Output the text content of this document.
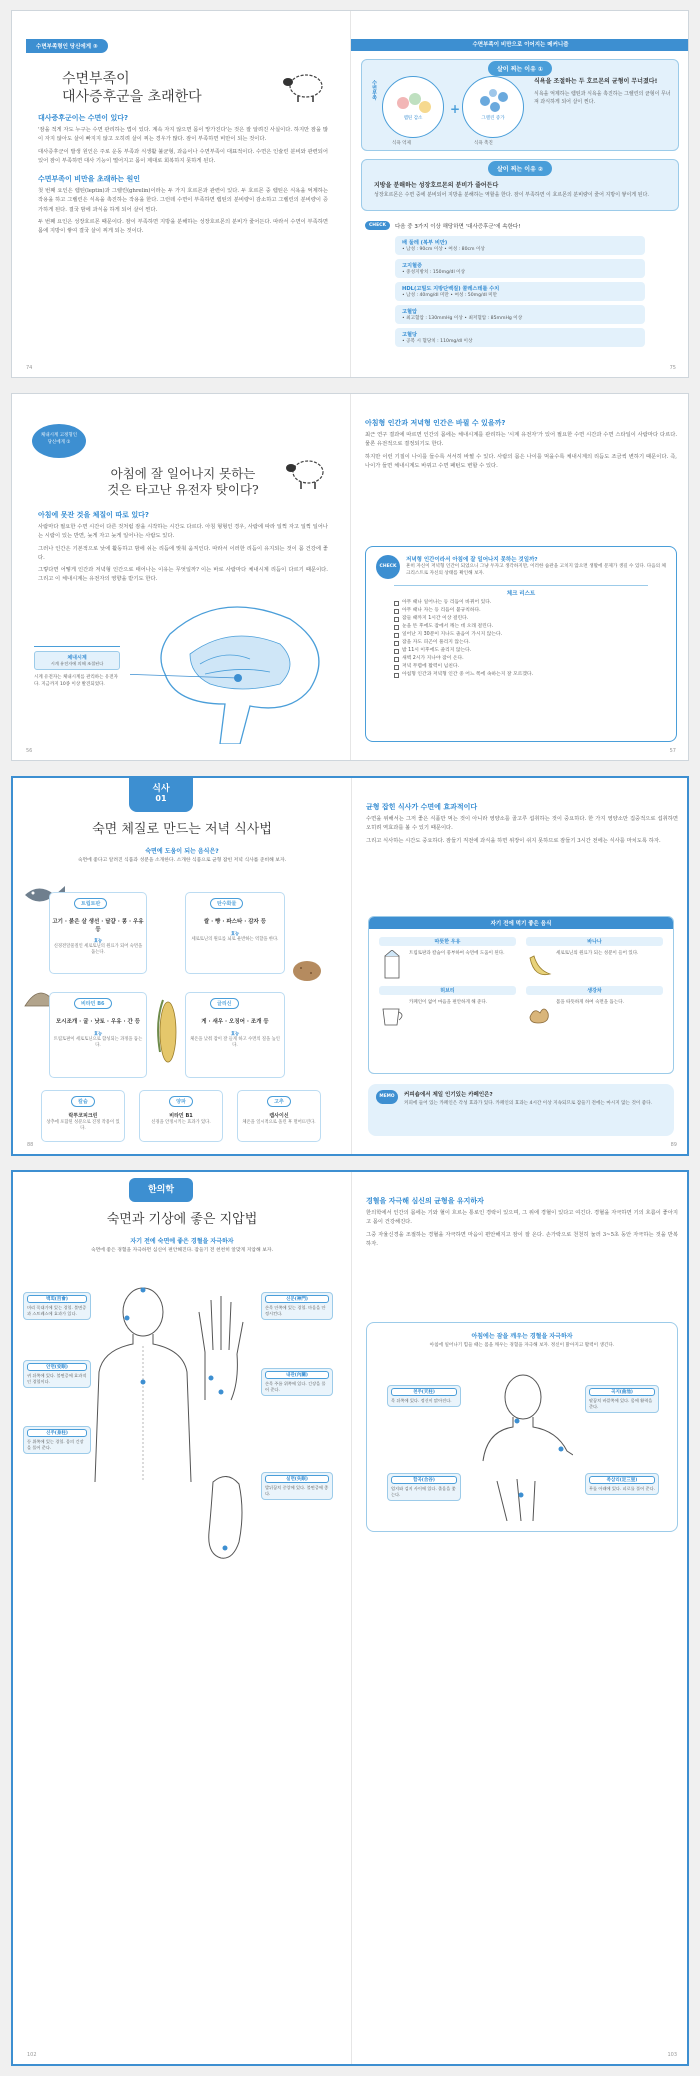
수면부족형인 당신에게 ③
수면부족이
대사증후군을 초래한다
대사증후군이는 수면이 있다?
'잠을 적게 자도 누구는 수면 관리하는 법이 있다. 계속 자지 않으면 몸이 망가진다'는 것은 잘 알려진 사실이다. 하지만 잠을 많이 자지 않아도 살이 빠지지 않고 오히려 살이 찌는 경우가 많다. 잠이 부족하면 비만이 되는 것이다.
대사증후군이 발생 원인은 주로 운동 부족과 식생활 불균형, 과음이나 수면부족이 대표적이다. 수면은 인슐린 분비와 관련되어 있어 잠이 부족하면 대사 기능이 떨어지고 몸이 제대로 회복하지 못하게 된다.
수면부족이 비만을 초래하는 원인
첫 번째 요인은 렙틴(leptin)과 그렐린(ghrelin)이라는 두 가지 호르몬과 관련이 있다. 두 호르몬 중 렙틴은 식욕을 억제하는 작용을 하고 그렐린은 식욕을 촉진하는 작용을 한다. 그런데 수면이 부족하면 렙틴의 분비량이 감소하고 그렐린의 분비량이 증가하게 된다. 결국 밤에 과식을 하게 되어 살이 찐다.
두 번째 요인은 성장호르몬 때문이다. 잠이 부족하면 지방을 분해하는 성장호르몬의 분비가 줄어든다. 따라서 수면이 부족하면 몸에 지방이 쌓여 결국 살이 찌게 되는 것이다.
74
수면부족이 비만으로 이어지는 메커니즘
살이 찌는 이유 ①
수면부족
렙틴 감소
식욕 억제
+
그렐린 증가
식욕 촉진
식욕을 조절하는 두 호르몬의 균형이 무너졌다!
식욕을 억제하는 렙틴과 식욕을 촉진하는 그렐린의 균형이 무너져 과식하게 되어 살이 찐다.
살이 찌는 이유 ②
지방을 분해하는 성장호르몬의 분비가 줄어든다
성장호르몬은 수면 중에 분비되어 지방을 분해하는 역할을 한다. 잠이 부족하면 이 호르몬의 분비량이 줄어 지방이 쌓이게 된다.
CHECK	다음 중 3가지 이상 해당하면 '대사증후군'에 속한다!
배 둘레 (복부 비만)
• 남성 : 90cm 이상 • 여성 : 80cm 이상
고지혈증
• 중성지방치 : 150mg/dl 이상
HDL(고밀도 지방단백질) 콜레스테롤 수치
• 남성 : 40mg/dl 미만 • 여성 : 50mg/dl 미만
고혈압
• 최고혈압 : 130mmHg 이상 • 최저혈압 : 85mmHg 이상
고혈당
• 공복 시 혈당치 : 110mg/dl 이상
75
체내시계 고정형인
당신에게 ①
아침에 잘 일어나지 못하는
것은 타고난 유전자 탓이다?
아침에 못잔 것을 체질이 따로 있다?
사람마다 필요한 수면 시간이 다른 것처럼 잠을 시작하는 시간도 다르다. 아침 형형인 경우, 사람에 따라 일찍 자고 일찍 일어나는 시람이 있는 반면, 늦게 자고 늦게 일어나는 사람도 있다.
그러나 인간은 기본적으로 낮에 활동하고 밤에 쉬는 리듬에 맞춰 움직인다. 따라서 이러한 리듬이 유지되는 것이 몸 건강에 좋다.
그렇다면 어떻게 인간과 저녁형 인간으로 태어나는 이유는 무엇일까? 이는 바로 사람마다 체내시계 리듬이 다르기 때문이다. 그리고 이 체내시계는 유전자의 영향을 받기도 한다.
체내시계
시계 유전자에 의해 조절된다
시계 유전자는 체내시계를 관리하는 유전자다. 지금까지 10종 이상 발견되었다.
56
아침형 인간과 저녁형 인간은 바뀔 수 있을까?
최근 연구 결과에 따르면 인간의 몸에는 체내시계를 관리하는 '시계 유전자'가 있어 필요한 수면 시간과 수면 스타일이 사람마다 다르다. 물론 유전적으로 결정되기도 한다.
하지만 이런 기질이 나이를 들수록 서서히 바뀔 수 있다. 사람의 몸은 나이를 먹을수록 체내시계의 리듬도 조금씩 변하기 때문이다. 즉, 나이가 들면 체내시계도 바뀌고 수면 패턴도 변할 수 있다.
CHECK
저녁형 인간이라서 아침에 잘 일어나지 못하는 것일까?
흔히 자신이 저녁형 인간이 되었으니 그냥 두자고 생각하지만, 이러한 습관을 고치지 않으면 생활에 문제가 생길 수 있다. 다음의 체크리스트로 자신의 상태를 확인해 보자.
체크 리스트
아무 때나 일어나는 등 리듬이 바뀌어 있다.
아무 때나 자는 등 리듬이 불규칙하다.
잠들 때까지 1시간 이상 걸린다.
눈을 뜬 후에도 잠에서 깨는 데 오래 걸린다.
일어난 지 30분이 지나도 졸음이 가시지 않는다.
잠을 자도 피곤이 풀리지 않는다.
밤 11시 이후에도 졸리지 않는다.
새벽 2시가 지나야 잠이 온다.
저녁 무렵에 활력이 넘친다.
아침형 인간과 저녁형 인간 중 어느 쪽에 속하는지 잘 모르겠다.
57
식사
01
숙면 체질로 만드는 저녁 식사법
숙면에 도움이 되는 음식은?
숙면에 좋다고 알려진 식품과 성분을 소개한다. 소개한 식품으로 균형 잡힌 저녁 식사를 준비해 보자.
트립토판
고기 · 붉은 살 생선 · 달걀 · 콩 · 우유 등
효능
신경전달물질인 세로토닌의 원료가 되어 숙면을 돕는다.
탄수화물
쌀 · 빵 · 파스타 · 감자 등
효능
세로토닌의 원료를 뇌로 운반하는 역할을 한다.
비타민 B6
모시조개 · 굴 · 낫토 · 우유 · 간 등
효능
트립토판이 세로토닌으로 합성되는 과정을 돕는다.
글리신
게 · 새우 · 오징어 · 조개 등
효능
체온을 낮춰 잠이 잘 들게 하고 수면의 질을 높인다.
칼슘
락투코피크린
상추에 포함된 성분으로 진정 작용이 있다.
양파
비타민 B1
신경을 안정시키는 효과가 있다.
고추
캡사이신
체온을 일시적으로 올린 후 떨어뜨린다.
88
균형 잡힌 식사가 수면에 효과적이다
수면을 위해서는 그저 좋은 식품만 먹는 것이 아니라 영양소를 골고루 섭취하는 것이 중요하다. 한 가지 영양소만 집중적으로 섭취하면 오히려 역효과를 볼 수 있기 때문이다.
그리고 식사하는 시간도 중요하다. 잠들기 직전에 과식을 하면 위장이 쉬지 못하므로 잠들기 3시간 전에는 식사를 마치도록 하자.
자기 전에 먹기 좋은 음식
따뜻한 우유
트립토판과 칼슘이 풍부하여 숙면에 도움이 된다.
바나나
세로토닌의 원료가 되는 성분이 들어 있다.
허브티
카페인이 없어 마음을 편안하게 해 준다.
생강차
몸을 따뜻하게 하여 숙면을 돕는다.
MEMO	커피숍에서 제일 인기있는 카페인은?
커피에 들어 있는 카페인은 각성 효과가 있다. 카페인의 효과는 4시간 이상 지속되므로 잠들기 전에는 마시지 않는 것이 좋다.
89
한의학
숙면과 기상에 좋은 지압법
자기 전에 숙면에 좋은 경혈을 자극하자
숙면에 좋은 경혈을 자극하면 심신이 편안해진다. 잠들기 전 천천히 알맞게 지압해 보자.
백회(百會)
머리 꼭대기에 있는 경혈. 불면증과 스트레스에 효과가 있다.
안면(安眠)
귀 뒤쪽에 있다. 불면증에 효과적인 경혈이다.
신주(身柱)
등 위쪽에 있는 경혈. 몸의 긴장을 풀어 준다.
신문(神門)
손목 안쪽에 있는 경혈. 마음을 안정시킨다.
내관(內關)
손목 주름 위쪽에 있다. 긴장을 풀어 준다.
실면(失眠)
발뒤꿈치 중앙에 있다. 불면증에 좋다.
102
경혈을 자극해 심신의 균형을 유지하자
한의학에서 인간의 몸에는 기와 혈이 흐르는 통로인 경락이 있으며, 그 위에 경혈이 있다고 여긴다. 경혈을 자극하면 기의 흐름이 좋아지고 몸이 건강해진다.
그중 자율신경을 조절하는 경혈을 자극하면 마음이 편안해지고 잠이 잘 온다. 손가락으로 천천히 눌러 3~5초 동안 자극하는 것을 반복하자.
아침에는 잠을 깨우는 경혈을 자극하자
아침에 일어나기 힘들 때는 몸을 깨우는 경혈을 자극해 보자. 정신이 맑아지고 활력이 생긴다.
천주(天柱)
목 뒤쪽에 있다. 정신이 맑아진다.
곡지(曲池)
팔꿈치 바깥쪽에 있다. 몸에 활력을 준다.
합곡(合谷)
엄지와 검지 사이에 있다. 졸음을 쫓는다.
족삼리(足三里)
무릎 아래에 있다. 피로를 풀어 준다.
103
